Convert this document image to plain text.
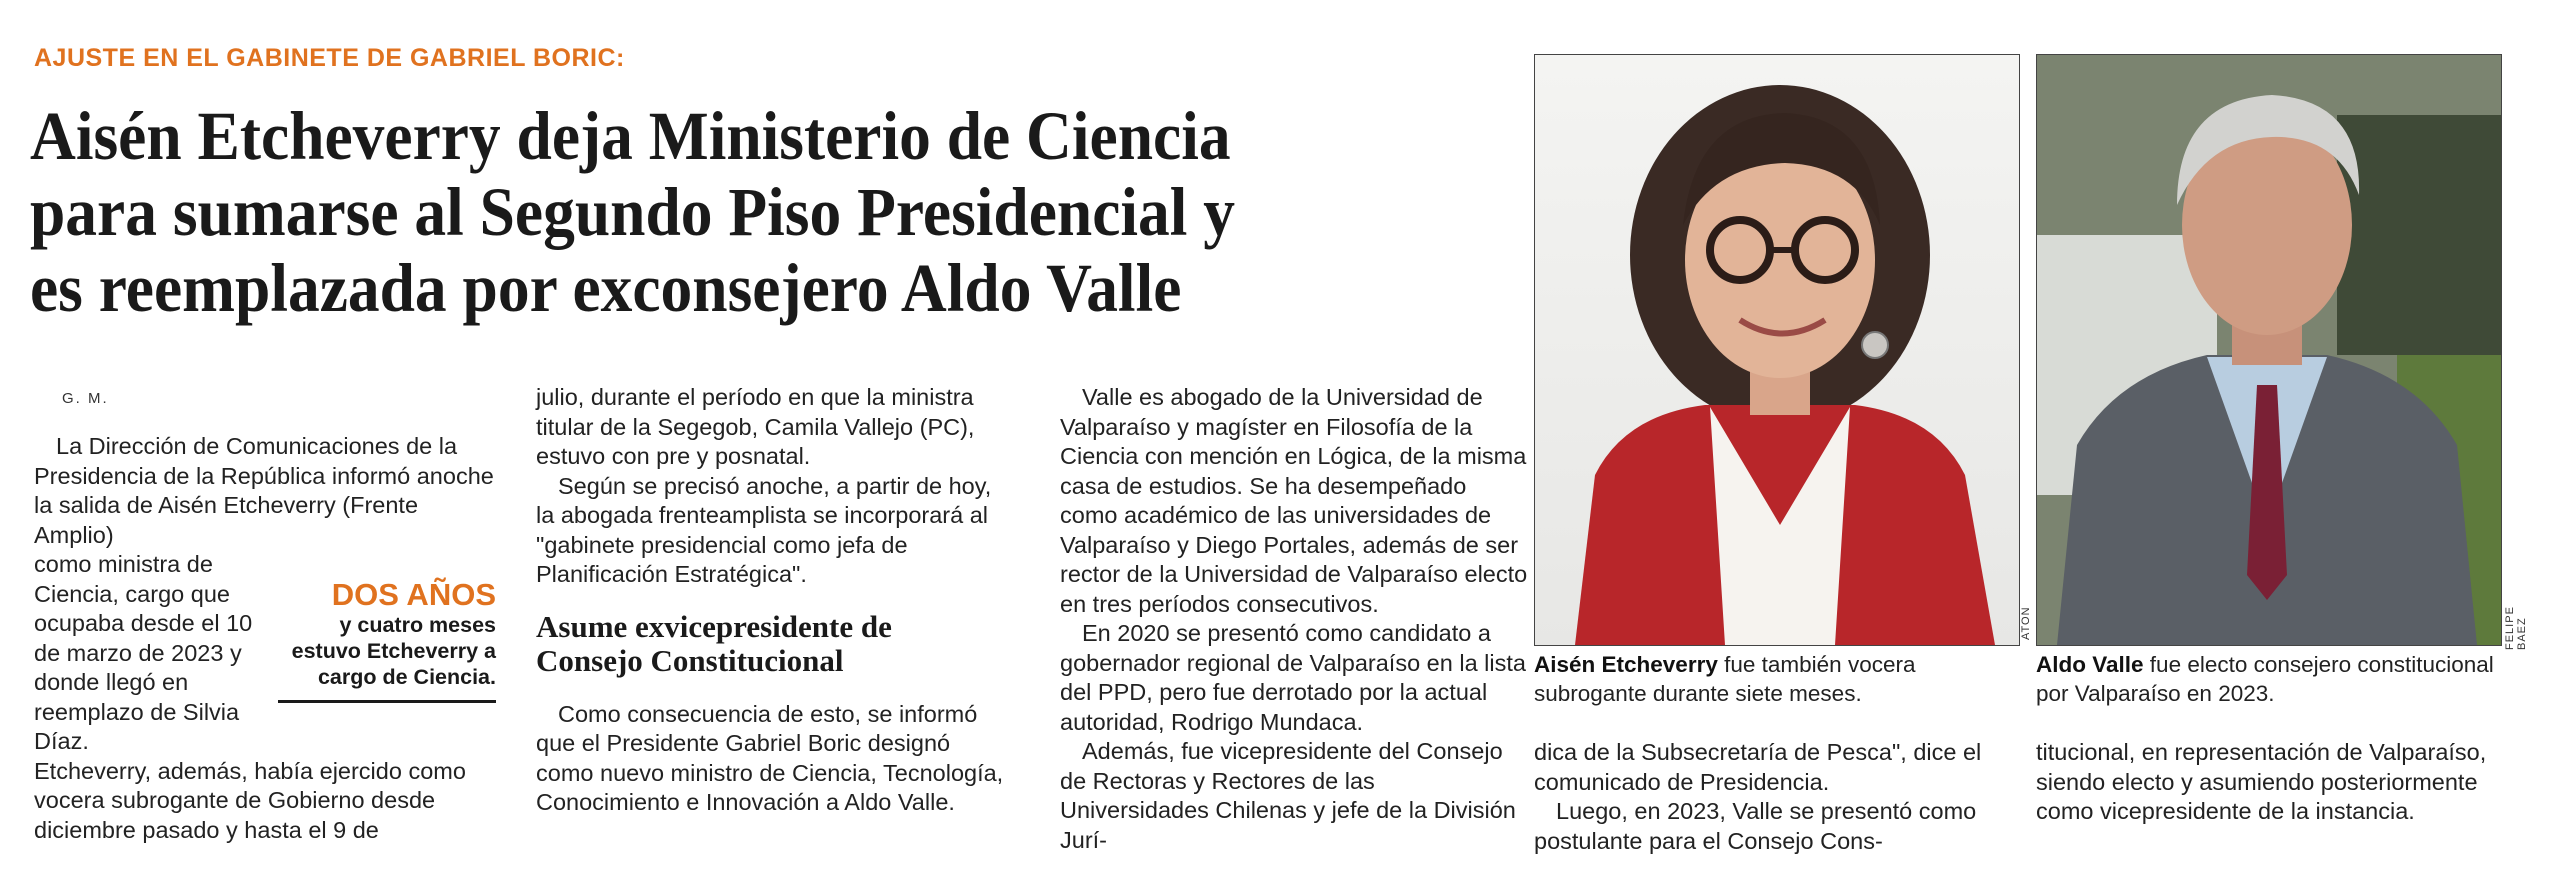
AJUSTE EN EL GABINETE DE GABRIEL BORIC:
Aisén Etcheverry deja Ministerio de Ciencia
para sumarse al Segundo Piso Presidencial y
es reemplazada por exconsejero Aldo Valle
G. M.

La Dirección de Comunicaciones de la Presidencia de la República informó anoche la salida de Aisén Etcheverry (Frente Amplio)

como ministra de Ciencia, cargo que ocupaba desde el 10 de marzo de 2023 y donde llegó en reemplazo de Silvia Díaz.

Etcheverry, además, había ejercido como vocera subrogante de Gobierno desde diciembre pasado y hasta el 9 de

DOS AÑOS
y cuatro meses estuvo Etcheverry a cargo de Ciencia.

julio, durante el período en que la ministra titular de la Segegob, Camila Vallejo (PC), estuvo con pre y posnatal.

Según se precisó anoche, a partir de hoy, la abogada frenteamplista se incorporará al "gabinete presidencial como jefa de Planificación Estratégica".

Asume exvicepresidente de Consejo Constitucional

Como consecuencia de esto, se informó que el Presidente Gabriel Boric designó como nuevo ministro de Ciencia, Tecnología, Conocimiento e Innovación a Aldo Valle.

Valle es abogado de la Universidad de Valparaíso y magíster en Filosofía de la Ciencia con mención en Lógica, de la misma casa de estudios. Se ha desempeñado como académico de las universidades de Valparaíso y Diego Portales, además de ser rector de la Universidad de Valparaíso electo en tres períodos consecutivos.

En 2020 se presentó como candidato a gobernador regional de Valparaíso en la lista del PPD, pero fue derrotado por la actual autoridad, Rodrigo Mundaca.

Además, fue vicepresidente del Consejo de Rectoras y Rectores de las Universidades Chilenas y jefe de la División Jurí-

ATON	FELIPE BAEZ
Aisén Etcheverry fue también vocera subrogante durante siete meses.
Aldo Valle fue electo consejero constitucional por Valparaíso en 2023.

dica de la Subsecretaría de Pesca", dice el comunicado de Presidencia.

Luego, en 2023, Valle se presentó como postulante para el Consejo Cons-

titucional, en representación de Valparaíso, siendo electo y asumiendo posteriormente como vicepresidente de la instancia.
